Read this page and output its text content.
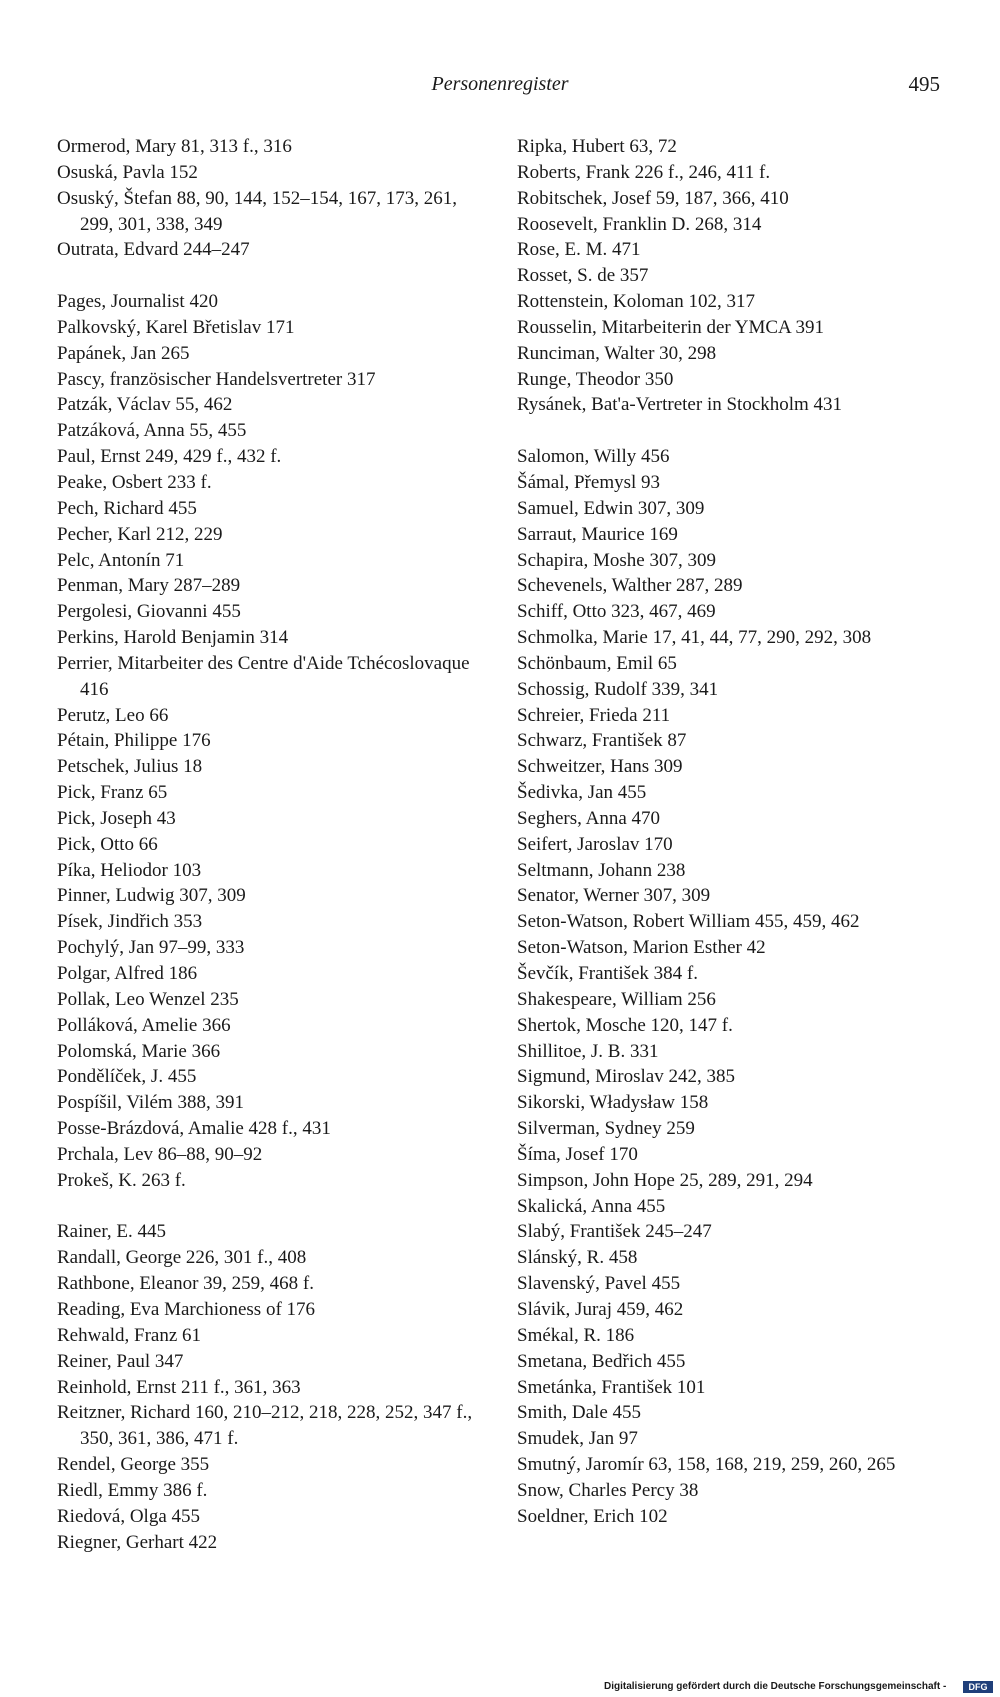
Personenregister	495
Ormerod, Mary 81, 313 f., 316
Osuská, Pavla 152
Osuský, Štefan 88, 90, 144, 152–154, 167, 173, 261, 299, 301, 338, 349
Outrata, Edvard 244–247
Pages, Journalist 420
Palkovský, Karel Břetislav 171
Papánek, Jan 265
Pascy, französischer Handelsvertreter 317
Patzák, Václav 55, 462
Patzáková, Anna 55, 455
Paul, Ernst 249, 429 f., 432 f.
Peake, Osbert 233 f.
Pech, Richard 455
Pecher, Karl 212, 229
Pelc, Antonín 71
Penman, Mary 287–289
Pergolesi, Giovanni 455
Perkins, Harold Benjamin 314
Perrier, Mitarbeiter des Centre d'Aide Tchécoslovaque 416
Perutz, Leo 66
Pétain, Philippe 176
Petschek, Julius 18
Pick, Franz 65
Pick, Joseph 43
Pick, Otto 66
Píka, Heliodor 103
Pinner, Ludwig 307, 309
Písek, Jindřich 353
Pochylý, Jan 97–99, 333
Polgar, Alfred 186
Pollak, Leo Wenzel 235
Polláková, Amelie 366
Polomská, Marie 366
Pondělíček, J. 455
Pospíšil, Vilém 388, 391
Posse-Brázdová, Amalie 428 f., 431
Prchala, Lev 86–88, 90–92
Prokeš, K. 263 f.
Rainer, E. 445
Randall, George 226, 301 f., 408
Rathbone, Eleanor 39, 259, 468 f.
Reading, Eva Marchioness of 176
Rehwald, Franz 61
Reiner, Paul 347
Reinhold, Ernst 211 f., 361, 363
Reitzner, Richard 160, 210–212, 218, 228, 252, 347 f., 350, 361, 386, 471 f.
Rendel, George 355
Riedl, Emmy 386 f.
Riedová, Olga 455
Riegner, Gerhart 422
Ripka, Hubert 63, 72
Roberts, Frank 226 f., 246, 411 f.
Robitschek, Josef 59, 187, 366, 410
Roosevelt, Franklin D. 268, 314
Rose, E. M. 471
Rosset, S. de 357
Rottenstein, Koloman 102, 317
Rousselin, Mitarbeiterin der YMCA 391
Runciman, Walter 30, 298
Runge, Theodor 350
Rysánek, Bat'a-Vertreter in Stockholm 431
Salomon, Willy 456
Šámal, Přemysl 93
Samuel, Edwin 307, 309
Sarraut, Maurice 169
Schapira, Moshe 307, 309
Schevenels, Walther 287, 289
Schiff, Otto 323, 467, 469
Schmolka, Marie 17, 41, 44, 77, 290, 292, 308
Schönbaum, Emil 65
Schossig, Rudolf 339, 341
Schreier, Frieda 211
Schwarz, František 87
Schweitzer, Hans 309
Šedivka, Jan 455
Seghers, Anna 470
Seifert, Jaroslav 170
Seltmann, Johann 238
Senator, Werner 307, 309
Seton-Watson, Robert William 455, 459, 462
Seton-Watson, Marion Esther 42
Ševčík, František 384 f.
Shakespeare, William 256
Shertok, Mosche 120, 147 f.
Shillitoe, J. B. 331
Sigmund, Miroslav 242, 385
Sikorski, Władysław 158
Silverman, Sydney 259
Šíma, Josef 170
Simpson, John Hope 25, 289, 291, 294
Skalická, Anna 455
Slabý, František 245–247
Slánský, R. 458
Slavenský, Pavel 455
Slávik, Juraj 459, 462
Smékal, R. 186
Smetana, Bedřich 455
Smetánka, František 101
Smith, Dale 455
Smudek, Jan 97
Smutný, Jaromír 63, 158, 168, 219, 259, 260, 265
Snow, Charles Percy 38
Soeldner, Erich 102
Digitalisierung gefördert durch die Deutsche Forschungsgemeinschaft -	DFG
